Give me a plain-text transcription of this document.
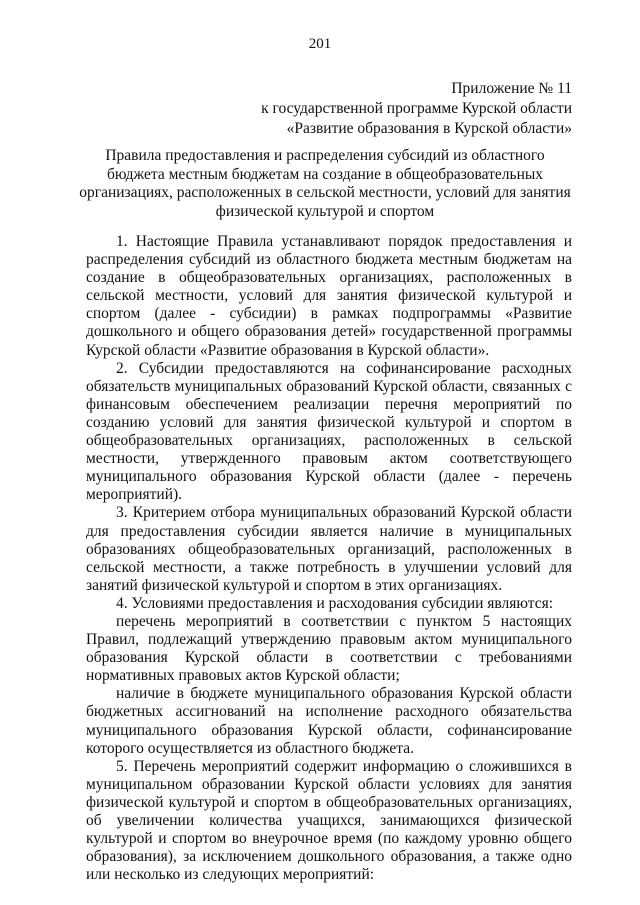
201
Приложение № 11
к государственной программе Курской области
«Развитие образования в Курской области»
Правила предоставления и распределения субсидий из областного бюджета местным бюджетам на создание в общеобразовательных организациях, расположенных в сельской местности, условий для занятия физической культурой и спортом

1. Настоящие Правила устанавливают порядок предоставления и распределения субсидий из областного бюджета местным бюджетам на создание в общеобразовательных организациях, расположенных в сельской местности, условий для занятия физической культурой и спортом (далее - субсидии) в рамках подпрограммы «Развитие дошкольного и общего образования детей» государственной программы Курской области «Развитие образования в Курской области».

2. Субсидии предоставляются на софинансирование расходных обязательств муниципальных образований Курской области, связанных с финансовым обеспечением реализации перечня мероприятий по созданию условий для занятия физической культурой и спортом в общеобразовательных организациях, расположенных в сельской местности, утвержденного правовым актом соответствующего муниципального образования Курской области (далее - перечень мероприятий).

3. Критерием отбора муниципальных образований Курской области для предоставления субсидии является наличие в муниципальных образованиях общеобразовательных организаций, расположенных в сельской местности, а также потребность в улучшении условий для занятий физической культурой и спортом в этих организациях.

4. Условиями предоставления и расходования субсидии являются:

перечень мероприятий в соответствии с пунктом 5 настоящих Правил, подлежащий утверждению правовым актом муниципального образования Курской области в соответствии с требованиями нормативных правовых актов Курской области;

наличие в бюджете муниципального образования Курской области бюджетных ассигнований на исполнение расходного обязательства муниципального образования Курской области, софинансирование которого осуществляется из областного бюджета.

5. Перечень мероприятий содержит информацию о сложившихся в муниципальном образовании Курской области условиях для занятия физической культурой и спортом в общеобразовательных организациях, об увеличении количества учащихся, занимающихся физической культурой и спортом во внеурочное время (по каждому уровню общего образования), за исключением дошкольного образования, а также одно или несколько из следующих мероприятий:
